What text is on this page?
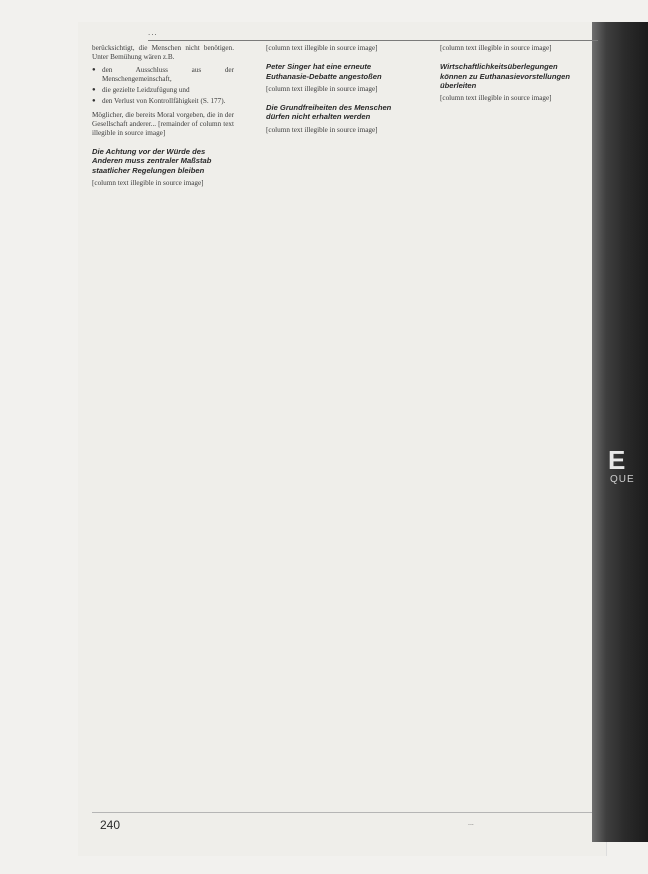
E
QUE
...

berücksichtigt, die Menschen nicht benötigen. Unter Bemühung wären z.B.

● den Ausschluss aus der Menschengemeinschaft,
● die gezielte Leidzufügung und
● den Verlust von Kontrollfähigkeit (S. 177).

Möglicher, die bereits Moral vorgeben, die in der Gesellschaft anderer... [remainder of column text illegible in source image]

Die Achtung vor der Würde des Anderen muss zentraler Maßstab staatlicher Regelungen bleiben

[column text illegible in source image]

[column text illegible in source image]

Peter Singer hat eine erneute Euthanasie-Debatte angestoßen

[column text illegible in source image]

Die Grundfreiheiten des Menschen dürfen nicht erhalten werden

[column text illegible in source image]

[column text illegible in source image]

Wirtschaftlichkeitsüberlegungen können zu Euthanasievorstellungen überleiten

[column text illegible in source image]

240	...
